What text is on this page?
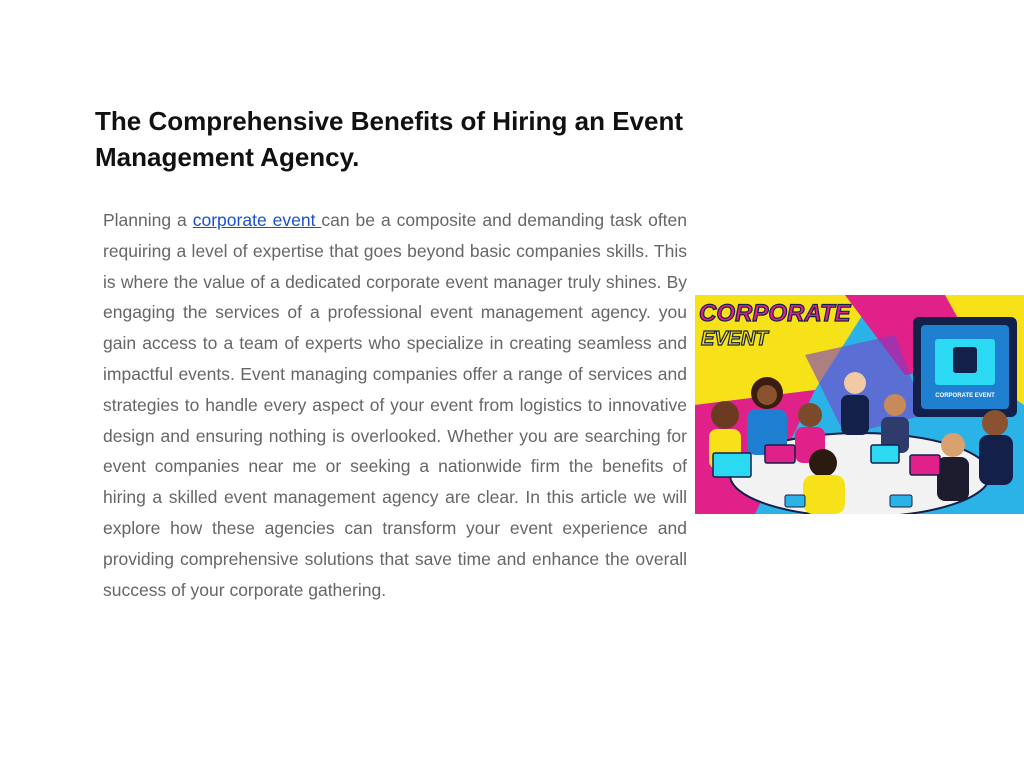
The Comprehensive Benefits of Hiring an Event Management Agency.

Planning a corporate event can be a composite and demanding task often requiring a level of expertise that goes beyond basic companies skills. This is where the value of a dedicated corporate event manager truly shines. By engaging the services of a professional event management agency. you gain access to a team of experts who specialize in creating seamless and impactful events. Event managing companies offer a range of services and strategies to handle every aspect of your event from logistics to innovative design and ensuring nothing is overlooked. Whether you are searching for event companies near me or seeking a nationwide firm the benefits of hiring a skilled event management agency are clear. In this article we will explore how these agencies can transform your event experience and providing comprehensive solutions that save time and enhance the overall success of your corporate gathering.

CORPORATE EVENT
CORPORATE
EVENT
